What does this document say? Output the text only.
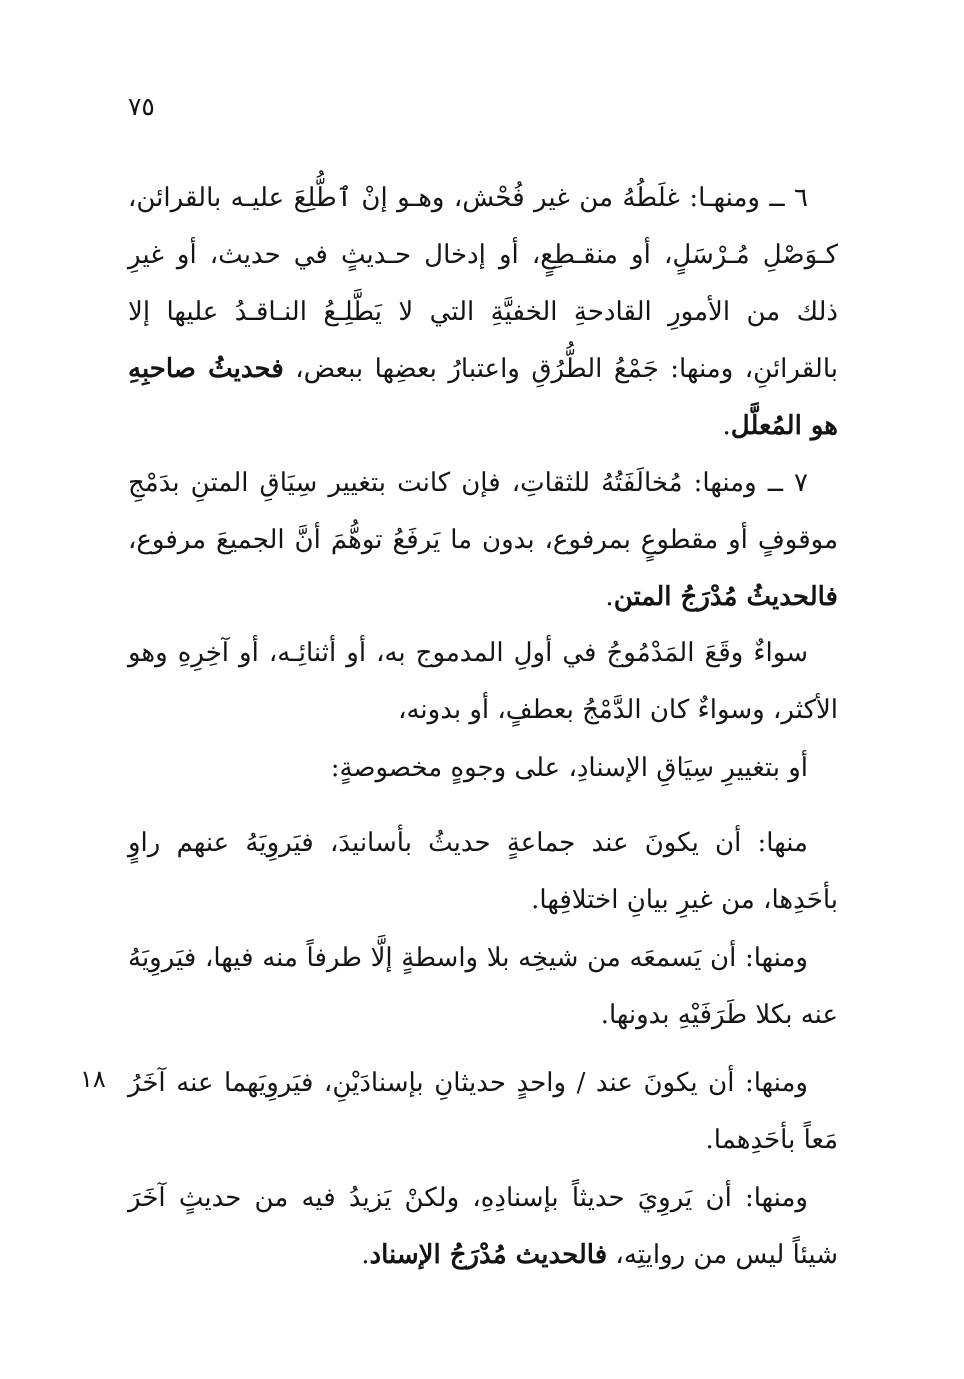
٧٥

٦ ــ ومنهـا: غلَطُهُ من غير فُحْش، وهـو إنْ ٱطُّلِعَ عليـه بالقرائن، كـوَصْلِ مُـرْسَلٍ، أو منقـطِعٍ، أو إدخال حـديثٍ في حديث، أو غيرِ ذلك من الأمورِ القادحةِ الخفيَّةِ التي لا يَطَّلِـعُ النـاقـدُ عليها إلا بالقرائنِ، ومنها: جَمْعُ الطُّرُقِ واعتبارُ بعضِها ببعض، فحديثُ صاحبِهِ هو المُعلَّل.

٧ ــ ومنها: مُخالَفَتُهُ للثقاتِ، فإن كانت بتغيير سِيَاقِ المتنِ بدَمْجِ موقوفٍ أو مقطوعٍ بمرفوع، بدون ما يَرفَعُ توهُّمَ أنَّ الجميعَ مرفوع، فالحديثُ مُدْرَجُ المتن.

سواءٌ وقَعَ المَدْمُوجُ في أولِ المدموج به، أو أثنائِـه، أو آخِرِهِ وهو الأكثر، وسواءٌ كان الدَّمْجُ بعطفٍ، أو بدونه،

أو بتغييرِ سِيَاقِ الإسنادِ، على وجوهٍ مخصوصةٍ:

منها: أن يكونَ عند جماعةٍ حديثُ بأسانيدَ، فيَروِيَهُ عنهم راوٍ بأحَدِها، من غيرِ بيانِ اختلافِها.

ومنها: أن يَسمعَه من شيخِه بلا واسطةٍ إلَّا طرفاً منه فيها، فيَروِيَهُ عنه بكلا طَرَفَيْهِ بدونها.

١٨ ومنها: أن يكونَ عند / واحدٍ حديثانِ بإسنادَيْنِ، فيَروِيَهما عنه آخَرُ مَعاً بأحَدِهما.

ومنها: أن يَروِيَ حديثاً بإسنادِهِ، ولكنْ يَزيدُ فيه من حديثٍ آخَرَ شيئاً ليس من روايتِه، فالحديث مُدْرَجُ الإسناد.
